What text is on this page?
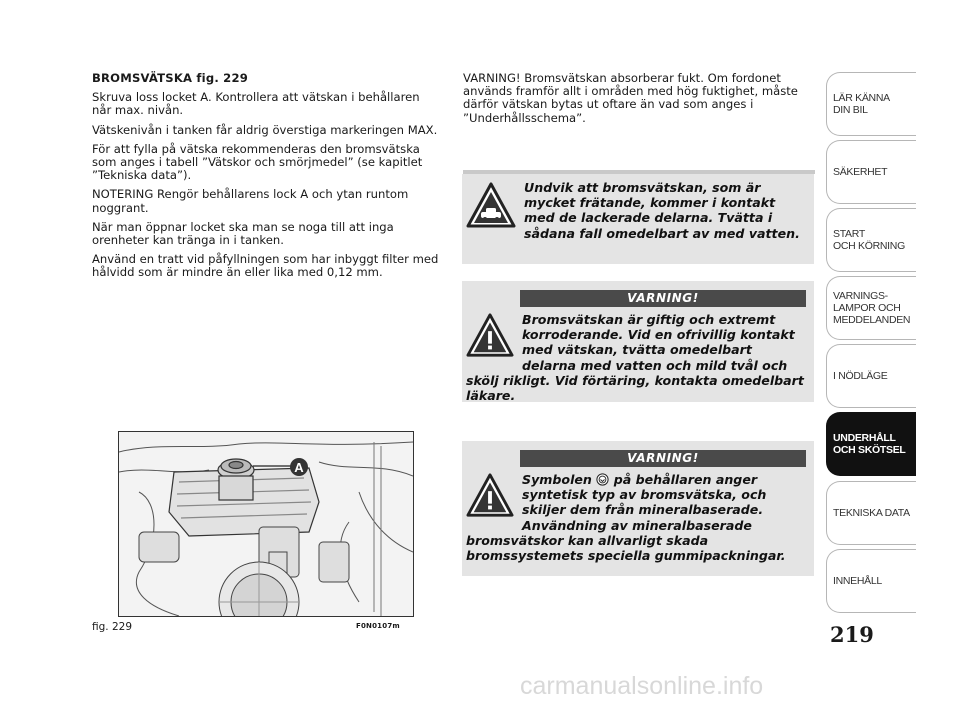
BROMSVÄTSKA fig. 229

Skruva loss locket A. Kontrollera att vätskan i behållaren når max. nivån.

Vätskenivån i tanken får aldrig överstiga markeringen MAX.

För att fylla på vätska rekommenderas den bromsvätska som anges i tabell ”Vätskor och smörjmedel” (se kapitlet ”Tekniska data”).

NOTERING Rengör behållarens lock A och ytan runtom noggrant.

När man öppnar locket ska man se noga till att inga orenheter kan tränga in i tanken.

Använd en tratt vid påfyllningen som har inbyggt filter med hålvidd som är mindre än eller lika med 0,12 mm.

VARNING! Bromsvätskan absorberar fukt. Om fordonet används framför allt i områden med hög fuktighet, måste därför vätskan bytas ut oftare än vad som anges i ”Underhållsschema”.
Undvik att bromsvätskan, som är mycket frätande, kommer i kontakt med de lackerade delarna. Tvätta i sådana fall omedelbart av med vatten.
VARNING!
Bromsvätskan är giftig och extremt korroderande. Vid en ofrivillig kontakt med vätskan, tvätta omedelbart delarna med vatten och mild tvål och skölj rikligt. Vid förtäring, kontakta omedelbart läkare.
VARNING!
Symbolen på behållaren anger syntetisk typ av bromsvätska, och skiljer dem från mineralbaserade. Användning av mineralbaserade bromsvätskor kan allvarligt skada bromssystemets speciella gummipackningar.
A
fig. 229	F0N0107m
LÄR KÄNNA
DIN BIL
SÄKERHET
START
OCH KÖRNING
VARNINGS-
LAMPOR OCH
MEDDELANDEN
I NÖDLÄGE
UNDERHÅLL
OCH SKÖTSEL
TEKNISKA DATA
INNEHÅLL
219
carmanualsonline.info
